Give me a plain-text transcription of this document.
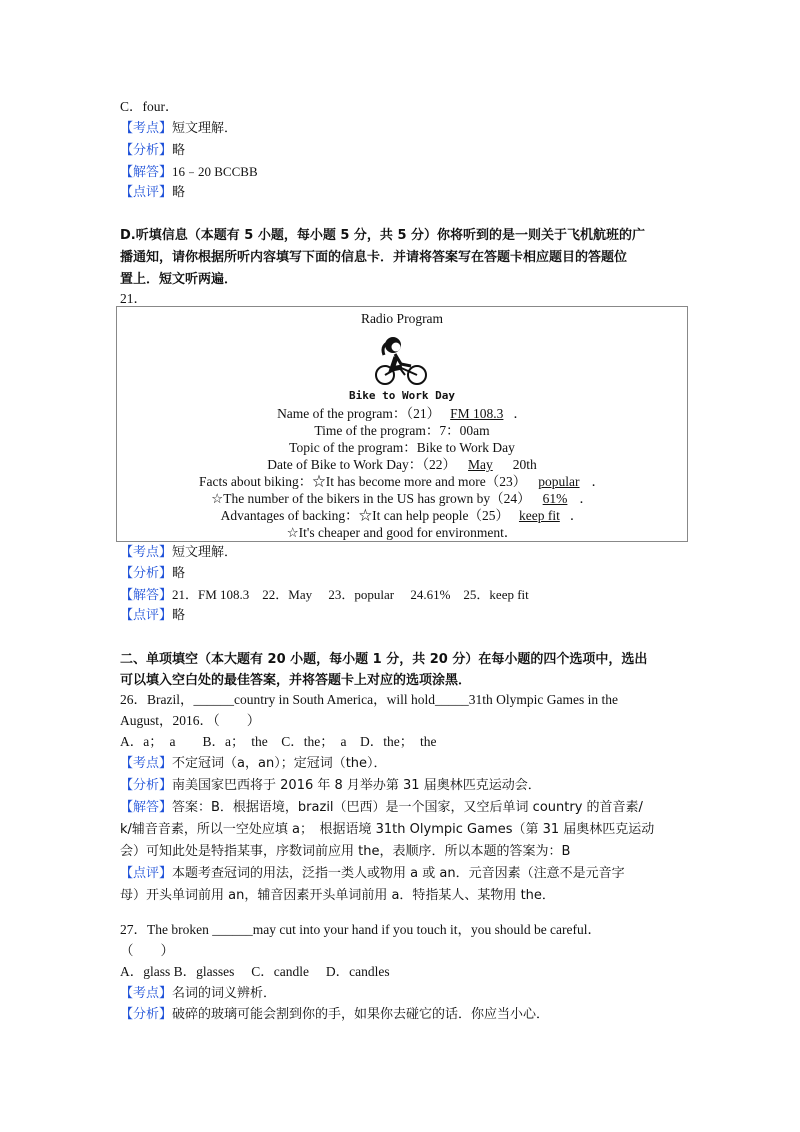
C．four．
【考点】短文理解．
【分析】略
【解答】16﹣20 BCCBB
【点评】略
D.听填信息（本题有 5 小题，每小题 5 分，共 5 分）你将听到的是一则关于飞机航班的广
播通知，请你根据所听内容填写下面的信息卡．并请将答案写在答题卡相应题目的答题位
置上．短文听两遍．
21．
Radio Program
Bike to Work Day
Name of the program：（21） FM 108.3 ．
Time of the program：7：00am
Topic of the program：Bike to Work Day
Date of Bike to Work Day：（22） May 20th
Facts about biking：☆It has become more and more（23） popular ．
☆The number of the bikers in the US has grown by（24） 61% ．
Advantages of backing：☆It can help people（25） keep fit ．
☆It's cheaper and good for environment．
【考点】短文理解．
【分析】略
【解答】21．FM 108.3　22．May　 23．popular　 24.61%　25．keep fit
【点评】略
二、单项填空（本大题有 20 小题，每小题 1 分，共 20 分）在每小题的四个选项中，选出
可以填入空白处的最佳答案，并将答题卡上对应的选项涂黑．
26．Brazil，______country in South America，will hold_____31th Olympic Games in the
August，2016．（　　）
A．a；　a　　B．a；　the　C．the；　a　D．the；　the
【考点】不定冠词（a，an）；定冠词（the）．
【分析】南美国家巴西将于 2016 年 8 月举办第 31 届奥林匹克运动会．
【解答】答案：B．根据语境，brazil（巴西）是一个国家，又空后单词 country 的首音素/
k/辅音音素，所以一空处应填 a；　根据语境 31th Olympic Games（第 31 届奥林匹克运动
会）可知此处是特指某事，序数词前应用 the，表顺序．所以本题的答案为：B
【点评】本题考查冠词的用法，泛指一类人或物用 a 或 an．元音因素（注意不是元音字
母）开头单词前用 an，辅音因素开头单词前用 a．特指某人、某物用 the．
27．The broken ______may cut into your hand if you touch it，you should be careful．
（　　）
A．glass B．glasses　 C．candle　 D．candles
【考点】名词的词义辨析．
【分析】破碎的玻璃可能会割到你的手，如果你去碰它的话．你应当小心．
